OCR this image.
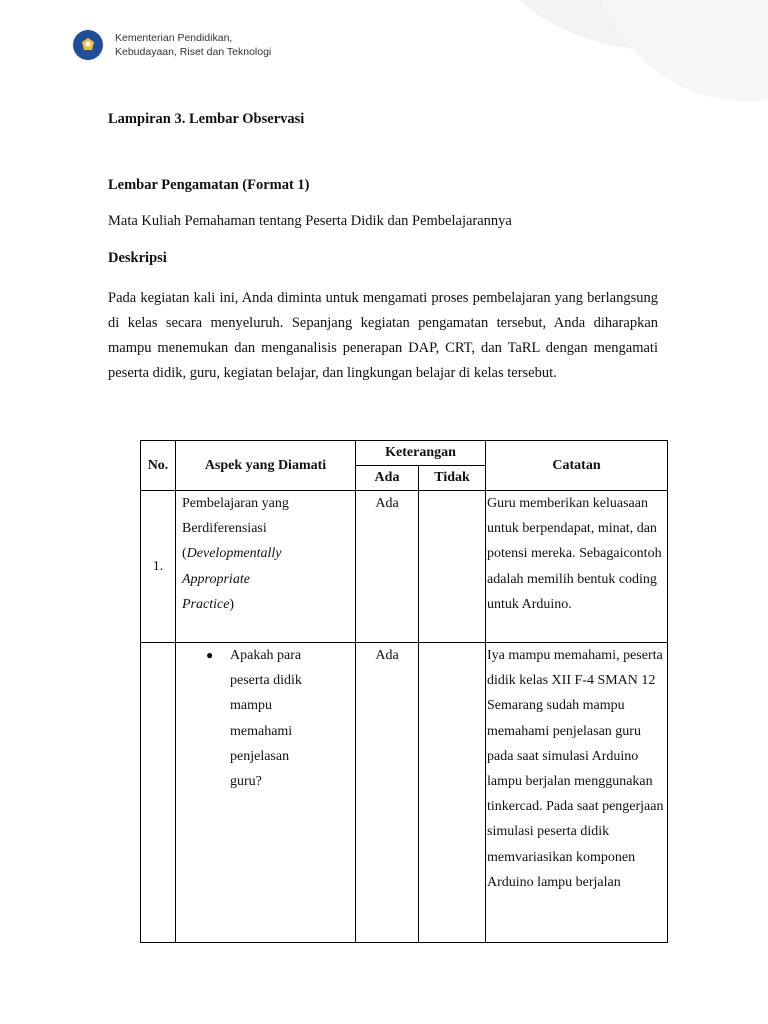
Kementerian Pendidikan,
Kebudayaan, Riset dan Teknologi

Lampiran 3. Lembar Observasi

Lembar Pengamatan (Format 1)

Mata Kuliah Pemahaman tentang Peserta Didik dan Pembelajarannya

Deskripsi

Pada kegiatan kali ini, Anda diminta untuk mengamati proses pembelajaran yang berlangsung di kelas secara menyeluruh. Sepanjang kegiatan pengamatan tersebut, Anda diharapkan mampu menemukan dan menganalisis penerapan DAP, CRT, dan TaRL dengan mengamati peserta didik, guru, kegiatan belajar, dan lingkungan belajar di kelas tersebut.

No.	Aspek yang Diamati	Keterangan		Catatan
		Ada	Tidak	
1.	Pembelajaran yang
Berdiferensiasi
(Developmentally Appropriate Practice)	Ada		Guru memberikan keluasaan untuk berpendapat, minat, dan potensi mereka. Sebagaicontoh adalah memilih bentuk coding untuk Arduino.

	● Apakah para peserta didik mampu memahami penjelasan guru?	Ada		Iya mampu memahami, peserta didik kelas XII F-4 SMAN 12 Semarang sudah mampu memahami penjelasan guru pada saat simulasi Arduino lampu berjalan menggunakan tinkercad. Pada saat pengerjaan simulasi peserta didik memvariasikan komponen Arduino lampu berjalan
